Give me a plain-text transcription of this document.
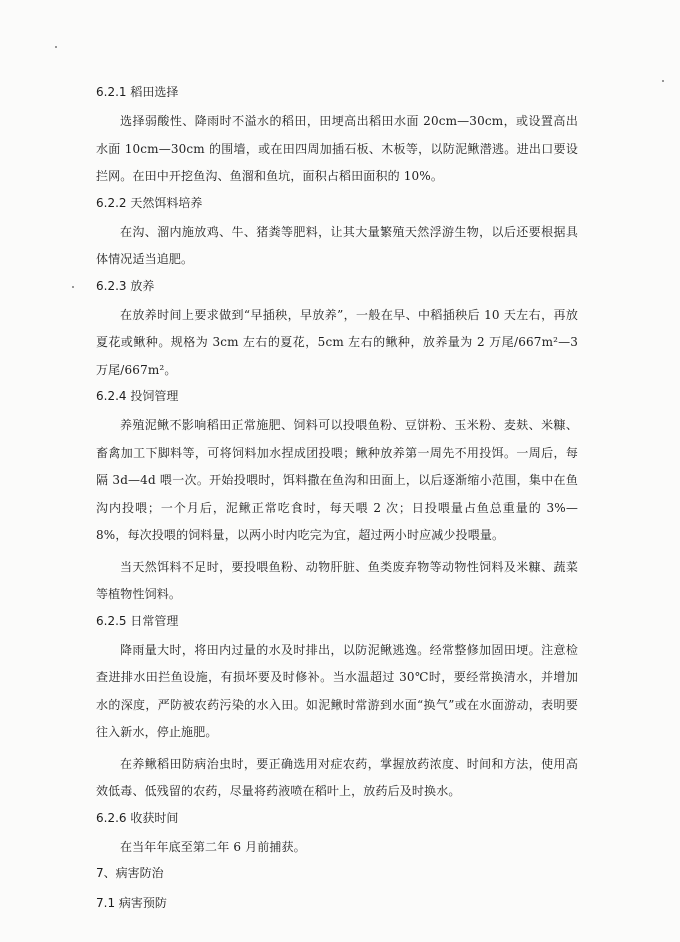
6.2.1 稻田选择

选择弱酸性、降雨时不溢水的稻田，田埂高出稻田水面 20cm—30cm，或设置高出水面 10cm—30cm 的围墙，或在田四周加插石板、木板等，以防泥鳅潜逃。进出口要设拦网。在田中开挖鱼沟、鱼溜和鱼坑，面积占稻田面积的 10%。

6.2.2 天然饵料培养

在沟、溜内施放鸡、牛、猪粪等肥料，让其大量繁殖天然浮游生物，以后还要根据具体情况适当追肥。

6.2.3 放养

在放养时间上要求做到“早插秧，早放养”，一般在早、中稻插秧后 10 天左右，再放夏花或鳅种。规格为 3cm 左右的夏花，5cm 左右的鳅种，放养量为 2 万尾/667m²—3 万尾/667m²。

6.2.4 投饲管理

养殖泥鳅不影响稻田正常施肥、饲料可以投喂鱼粉、豆饼粉、玉米粉、麦麸、米糠、畜禽加工下脚料等，可将饲料加水捏成团投喂；鳅种放养第一周先不用投饵。一周后，每隔 3d—4d 喂一次。开始投喂时，饵料撒在鱼沟和田面上，以后逐渐缩小范围，集中在鱼沟内投喂；一个月后，泥鳅正常吃食时，每天喂 2 次；日投喂量占鱼总重量的 3%—8%，每次投喂的饲料量，以两小时内吃完为宜，超过两小时应减少投喂量。

当天然饵料不足时，要投喂鱼粉、动物肝脏、鱼类废弃物等动物性饲料及米糠、蔬菜等植物性饲料。

6.2.5 日常管理

降雨量大时，将田内过量的水及时排出，以防泥鳅逃逸。经常整修加固田埂。注意检查进排水田拦鱼设施，有损坏要及时修补。当水温超过 30℃时，要经常换清水，并增加水的深度，严防被农药污染的水入田。如泥鳅时常游到水面“换气”或在水面游动，表明要往入新水，停止施肥。

在养鳅稻田防病治虫时，要正确选用对症农药，掌握放药浓度、时间和方法，使用高效低毒、低残留的农药，尽量将药液喷在稻叶上，放药后及时换水。

6.2.6 收获时间

在当年年底至第二年 6 月前捕获。

7、病害防治
7.1 病害预防
